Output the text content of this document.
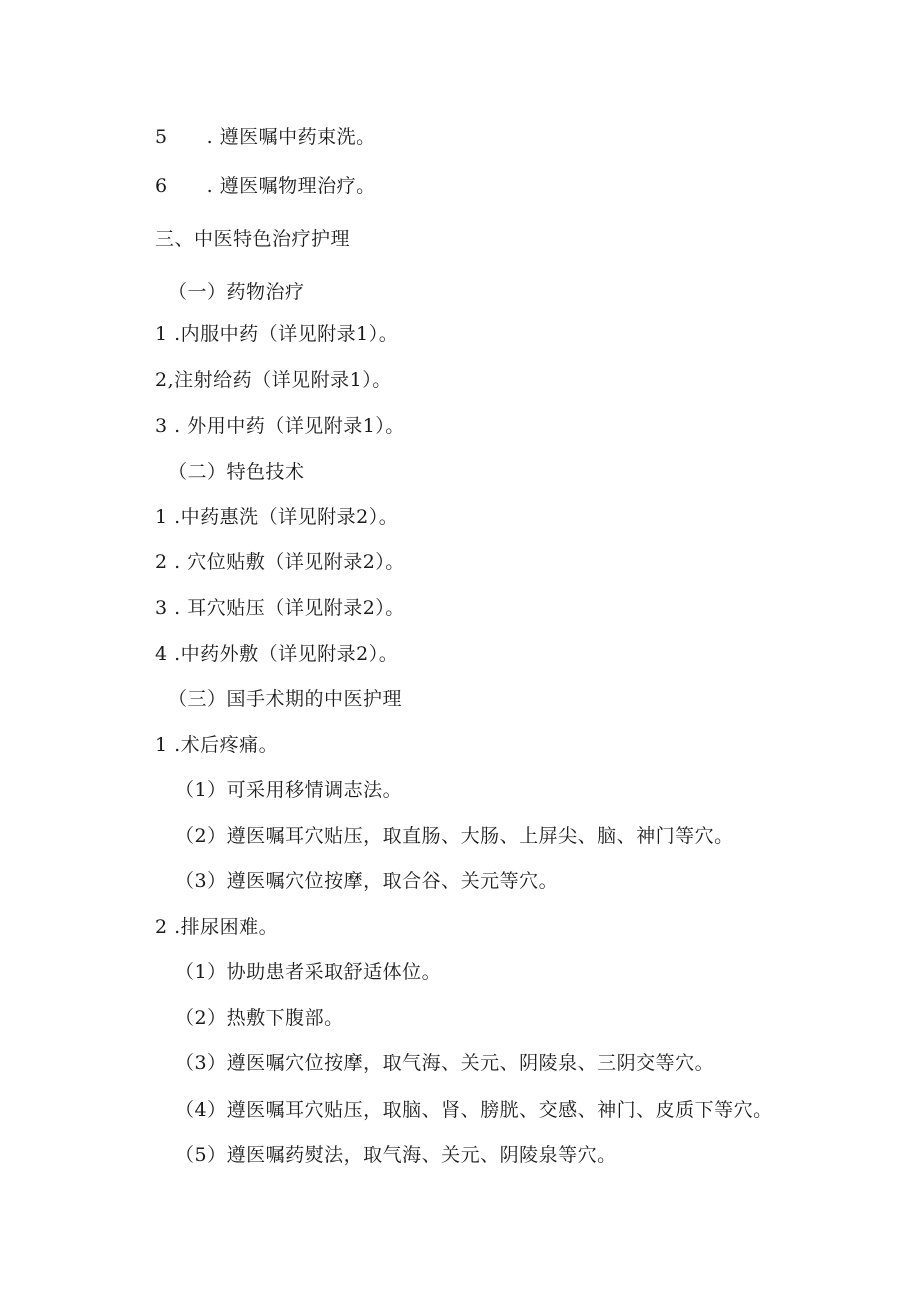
5　　. 遵医嘱中药束洗。
6　　. 遵医嘱物理治疗。
三、中医特色治疗护理
（一）药物治疗
1 .内服中药（详见附录1）。
2,注射给药（详见附录1）。
3 . 外用中药（详见附录1）。
（二）特色技术
1 .中药惠洗（详见附录2）。
2 . 穴位贴敷（详见附录2）。
3 . 耳穴贴压（详见附录2）。
4 .中药外敷（详见附录2）。
（三）国手术期的中医护理
1 .术后疼痛。
（1）可采用移情调志法。
（2）遵医嘱耳穴贴压，取直肠、大肠、上屏尖、脑、神门等穴。
（3）遵医嘱穴位按摩，取合谷、关元等穴。
2 .排尿困难。
（1）协助患者采取舒适体位。
（2）热敷下腹部。
（3）遵医嘱穴位按摩，取气海、关元、阴陵泉、三阴交等穴。
（4）遵医嘱耳穴贴压，取脑、肾、膀胱、交感、神门、皮质下等穴。
（5）遵医嘱药熨法，取气海、关元、阴陵泉等穴。
